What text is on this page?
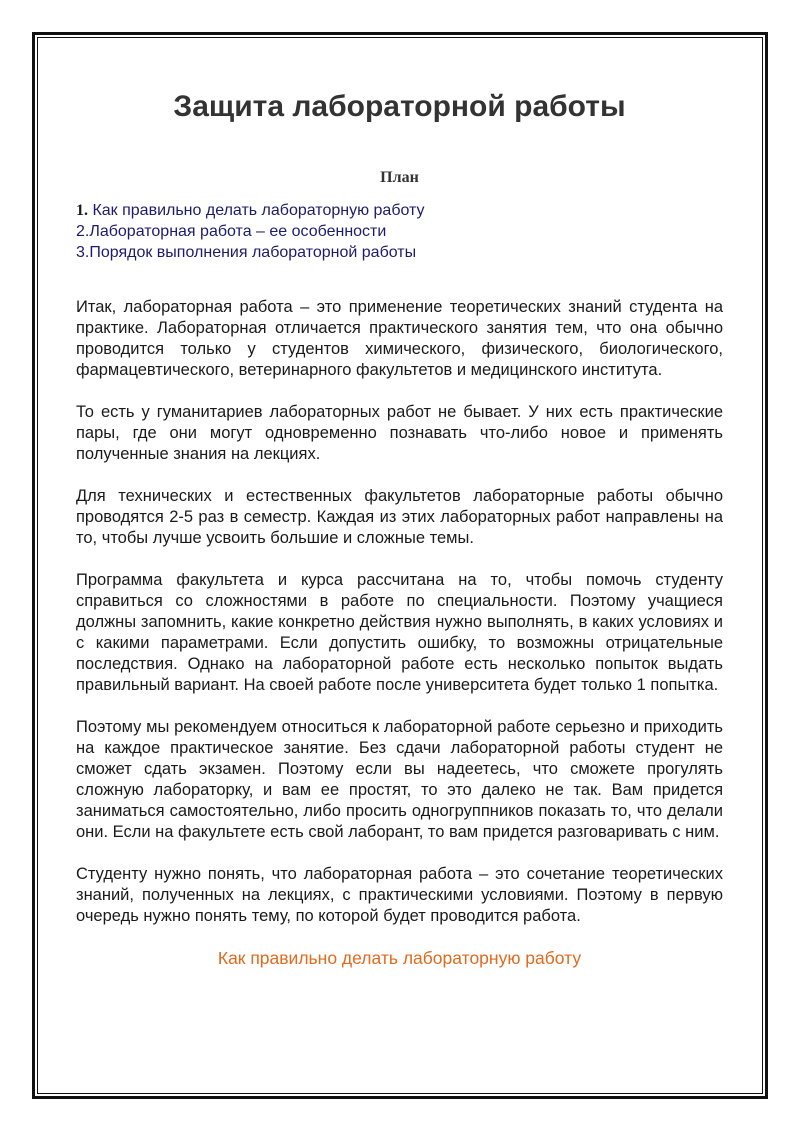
Защита лабораторной работы
План
1. Как правильно делать лабораторную работу
2.Лабораторная работа – ее особенности
3.Порядок выполнения лабораторной работы

Итак, лабораторная работа – это применение теоретических знаний студента на практике. Лабораторная отличается практического занятия тем, что она обычно проводится только у студентов химического, физического, биологического, фармацевтического, ветеринарного факультетов и медицинского института.

То есть у гуманитариев лабораторных работ не бывает. У них есть практические пары, где они могут одновременно познавать что-либо новое и применять полученные знания на лекциях.

Для технических и естественных факультетов лабораторные работы обычно проводятся 2-5 раз в семестр. Каждая из этих лабораторных работ направлены на то, чтобы лучше усвоить большие и сложные темы.

Программа факультета и курса рассчитана на то, чтобы помочь студенту справиться со сложностями в работе по специальности. Поэтому учащиеся должны запомнить, какие конкретно действия нужно выполнять, в каких условиях и с какими параметрами. Если допустить ошибку, то возможны отрицательные последствия. Однако на лабораторной работе есть несколько попыток выдать правильный вариант. На своей работе после университета будет только 1 попытка.

Поэтому мы рекомендуем относиться к лабораторной работе серьезно и приходить на каждое практическое занятие. Без сдачи лабораторной работы студент не сможет сдать экзамен. Поэтому если вы надеетесь, что сможете прогулять сложную лабораторку, и вам ее простят, то это далеко не так. Вам придется заниматься самостоятельно, либо просить одногруппников показать то, что делали они. Если на факультете есть свой лаборант, то вам придется разговаривать с ним.

Студенту нужно понять, что лабораторная работа – это сочетание теоретических знаний, полученных на лекциях, с практическими условиями. Поэтому в первую очередь нужно понять тему, по которой будет проводится работа.

Как правильно делать лабораторную работу
